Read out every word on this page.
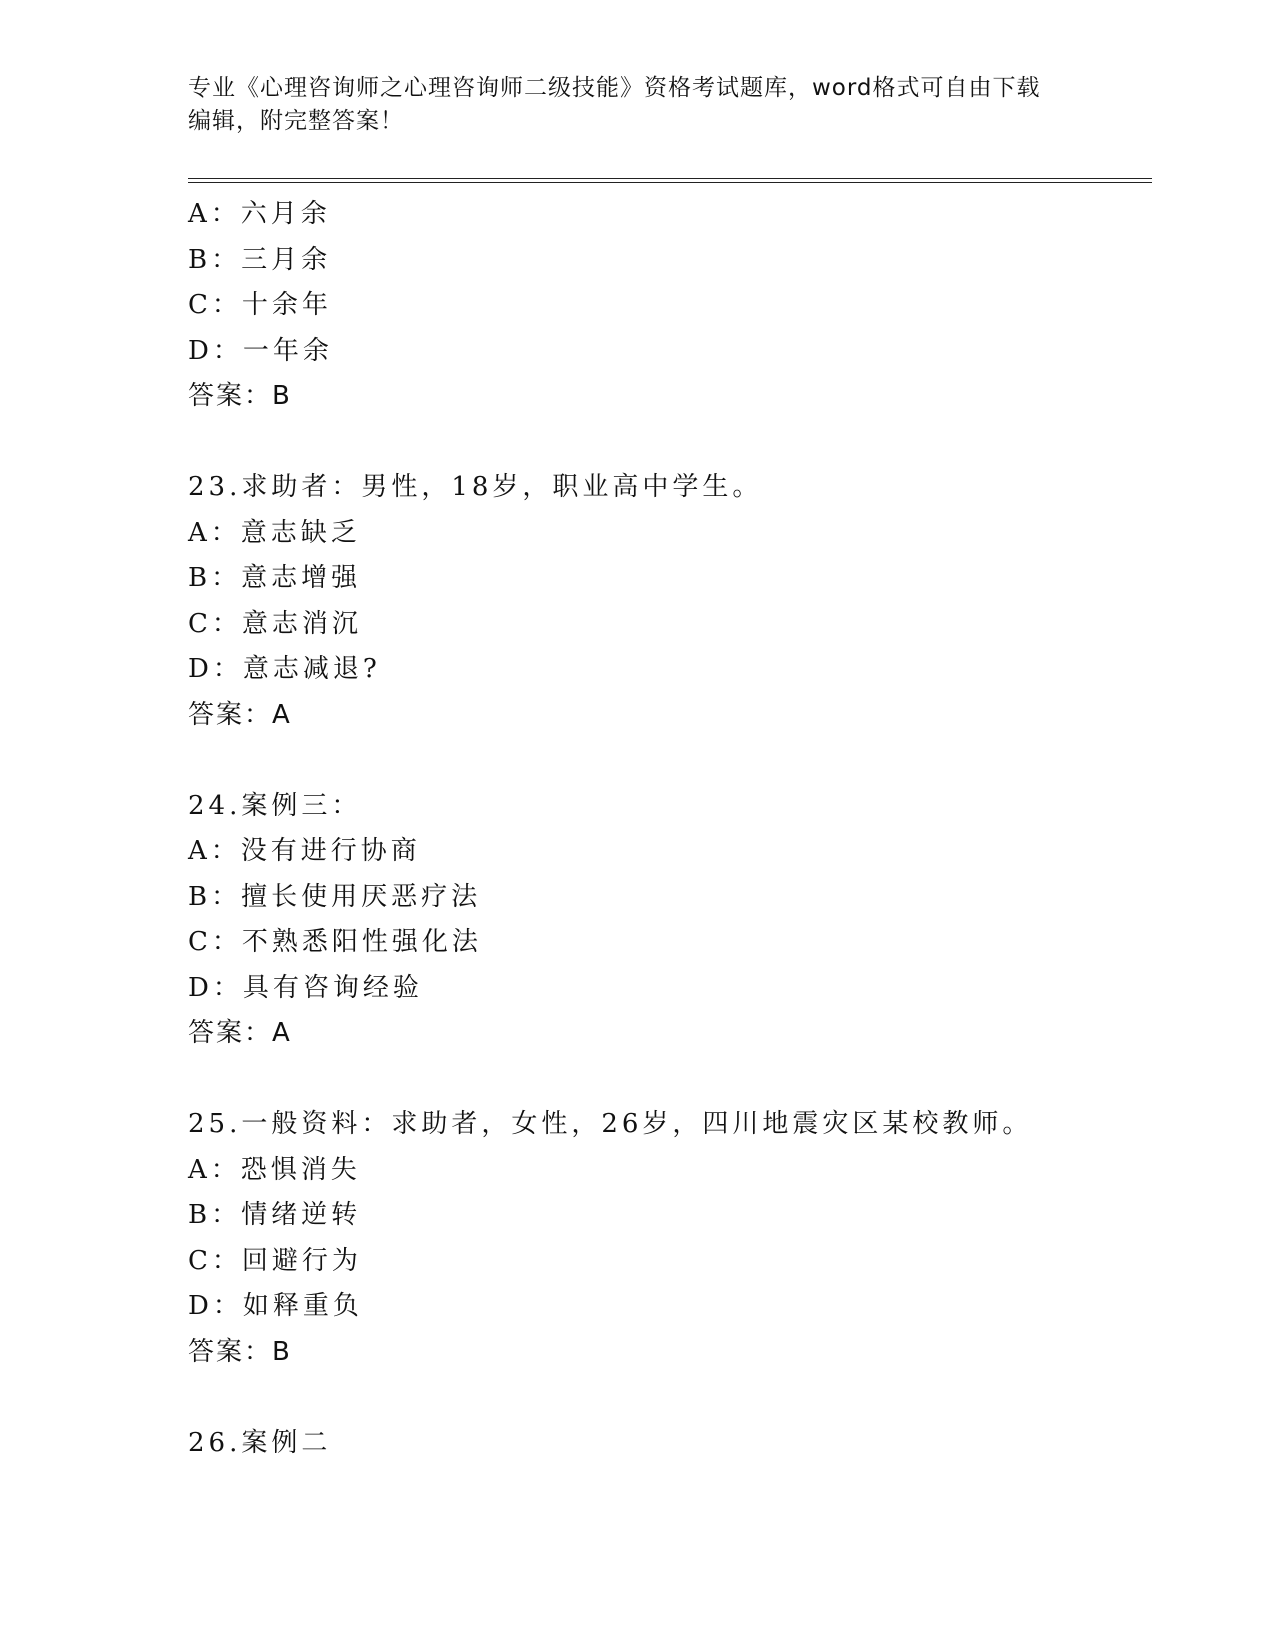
专业《心理咨询师之心理咨询师二级技能》资格考试题库，word格式可自由下载
编辑，附完整答案！
A：六月余
B：三月余
C：十余年
D：一年余
答案：B
23.求助者：男性，18岁，职业高中学生。
A：意志缺乏
B：意志增强
C：意志消沉
D：意志减退?
答案：A
24.案例三：
A：没有进行协商
B：擅长使用厌恶疗法
C：不熟悉阳性强化法
D：具有咨询经验
答案：A
25.一般资料：求助者，女性，26岁，四川地震灾区某校教师。
A：恐惧消失
B：情绪逆转
C：回避行为
D：如释重负
答案：B
26.案例二
